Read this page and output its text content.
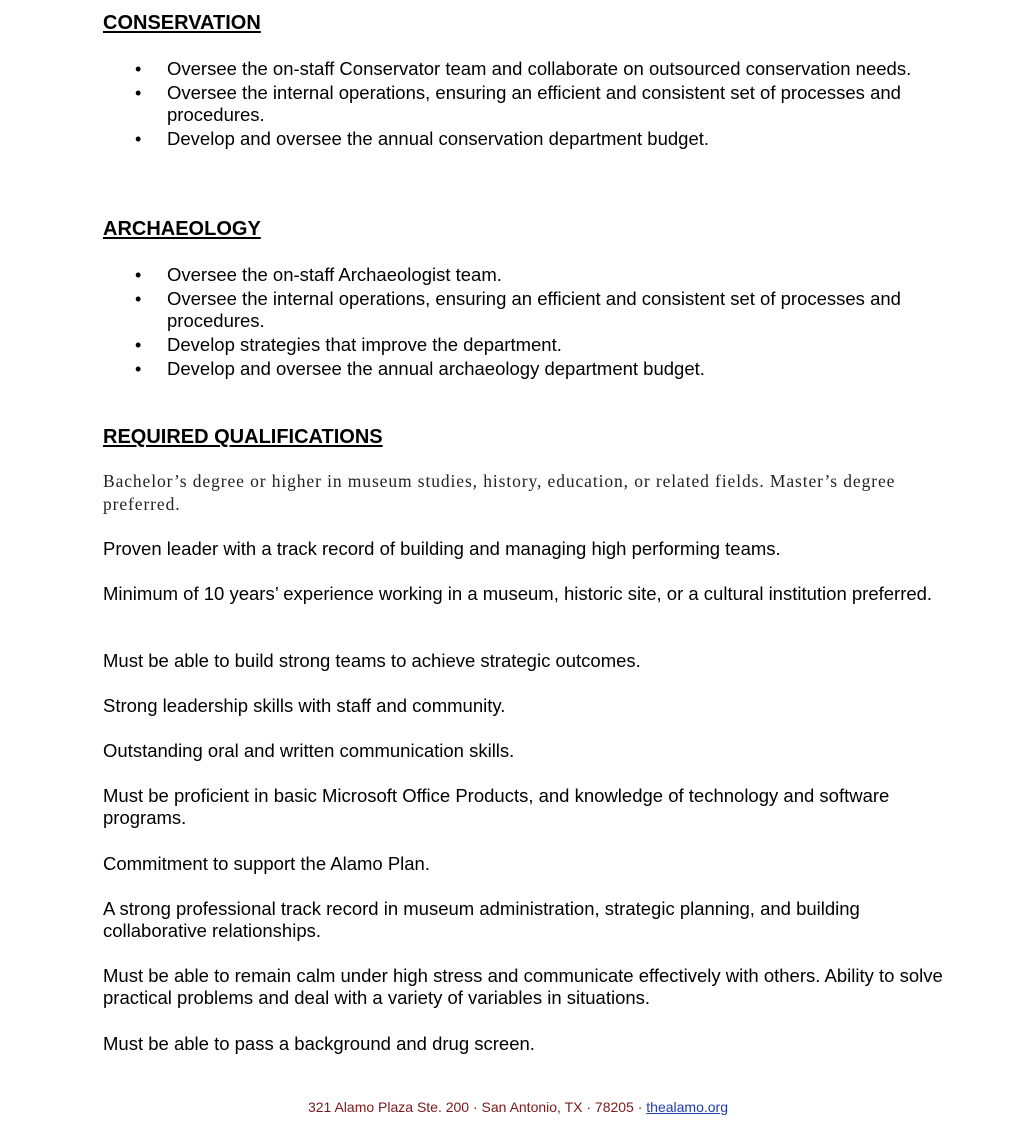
CONSERVATION
• Oversee the on-staff Conservator team and collaborate on outsourced conservation needs.
• Oversee the internal operations, ensuring an efficient and consistent set of processes and procedures.
• Develop and oversee the annual conservation department budget.
ARCHAEOLOGY
• Oversee the on-staff Archaeologist team.
• Oversee the internal operations, ensuring an efficient and consistent set of processes and procedures.
• Develop strategies that improve the department.
• Develop and oversee the annual archaeology department budget.
REQUIRED QUALIFICATIONS

Bachelor’s degree or higher in museum studies, history, education, or related fields. Master’s degree preferred.

Proven leader with a track record of building and managing high performing teams.

Minimum of 10 years’ experience working in a museum, historic site, or a cultural institution preferred.

Must be able to build strong teams to achieve strategic outcomes.

Strong leadership skills with staff and community.

Outstanding oral and written communication skills.

Must be proficient in basic Microsoft Office Products, and knowledge of technology and software programs.

Commitment to support the Alamo Plan.

A strong professional track record in museum administration, strategic planning, and building collaborative relationships.

Must be able to remain calm under high stress and communicate effectively with others. Ability to solve practical problems and deal with a variety of variables in situations.

Must be able to pass a background and drug screen.

321 Alamo Plaza Ste. 200 · San Antonio, TX · 78205 · thealamo.org
